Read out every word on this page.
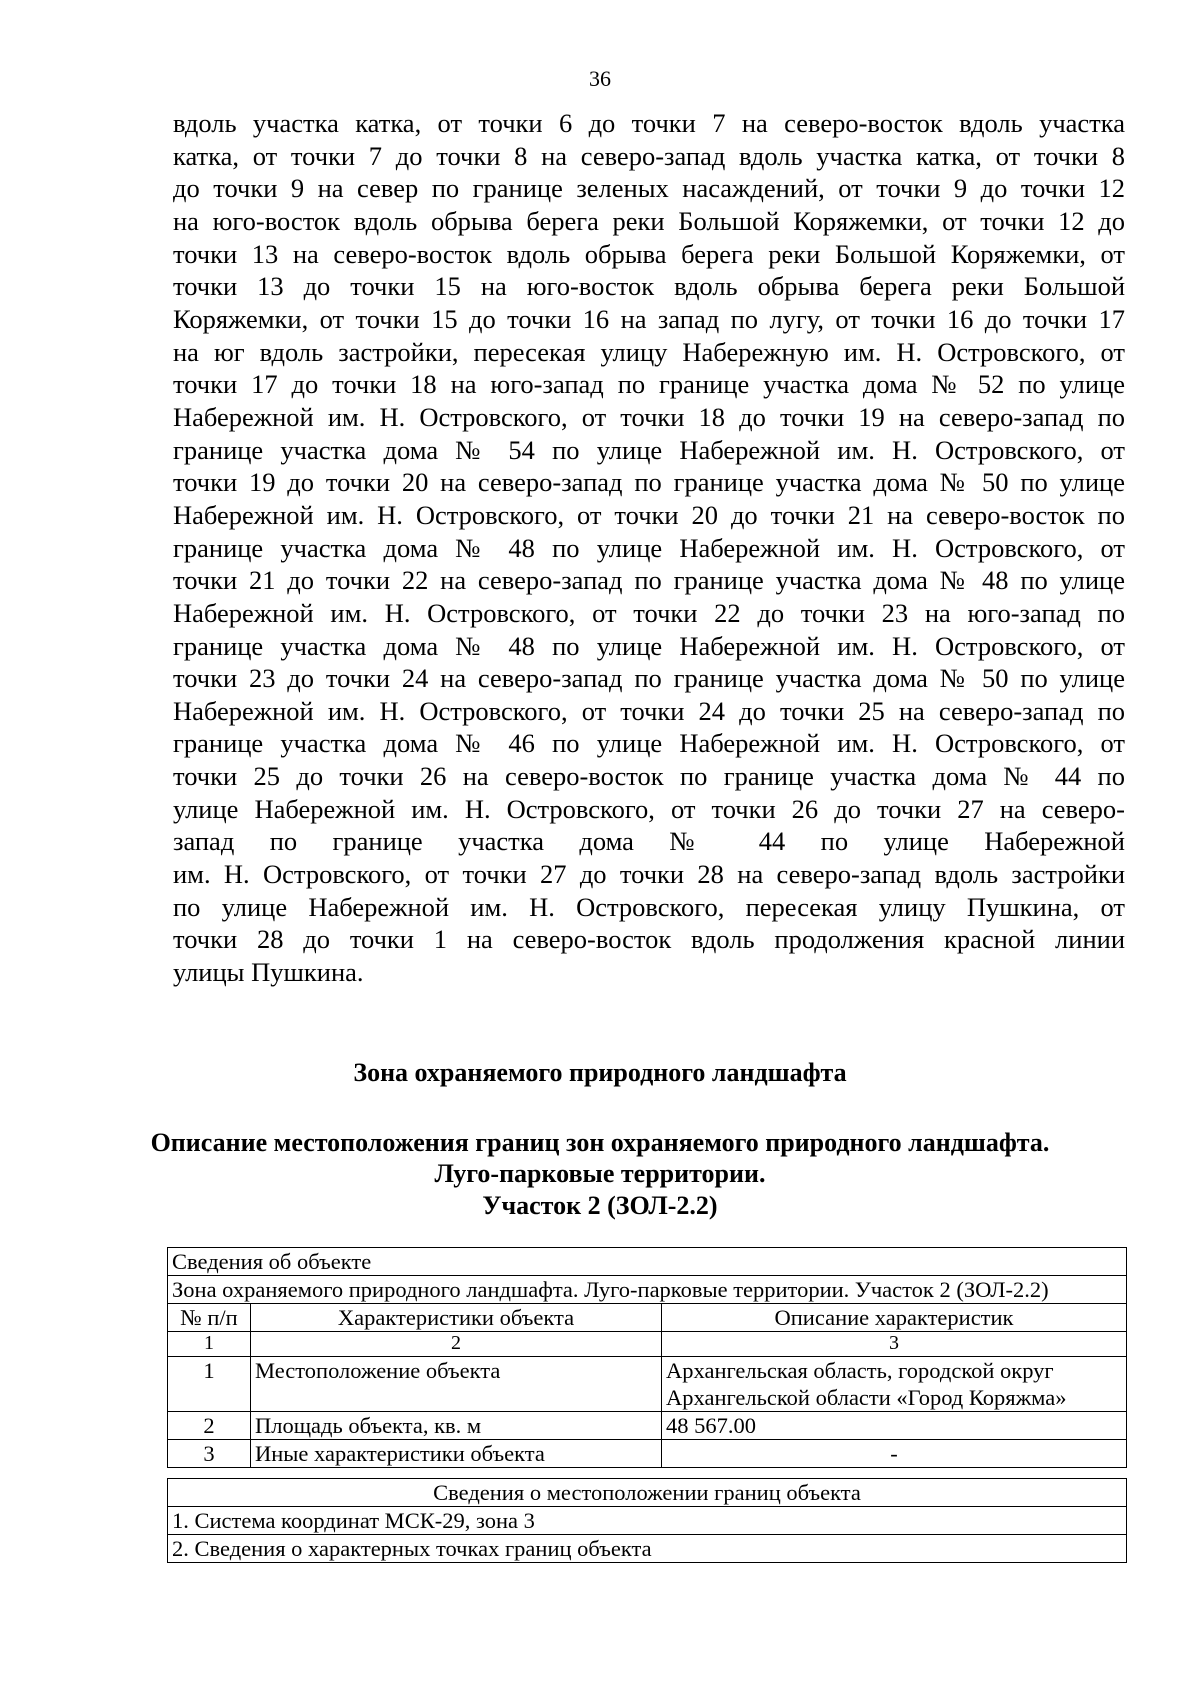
36
вдоль участка катка, от точки 6 до точки 7 на северо-восток вдоль участка
катка, от точки 7 до точки 8 на северо-запад вдоль участка катка, от точки 8
до точки 9 на север по границе зеленых насаждений, от точки 9 до точки 12
на юго-восток вдоль обрыва берега реки Большой Коряжемки, от точки 12 до
точки 13 на северо-восток вдоль обрыва берега реки Большой Коряжемки, от
точки 13 до точки 15 на юго-восток вдоль обрыва берега реки Большой
Коряжемки, от точки 15 до точки 16 на запад по лугу, от точки 16 до точки 17
на юг вдоль застройки, пересекая улицу Набережную им. Н. Островского, от
точки 17 до точки 18 на юго-запад по границе участка дома № 52 по улице
Набережной им. Н. Островского, от точки 18 до точки 19 на северо-запад по
границе участка дома № 54 по улице Набережной им. Н. Островского, от
точки 19 до точки 20 на северо-запад по границе участка дома № 50 по улице
Набережной им. Н. Островского, от точки 20 до точки 21 на северо-восток по
границе участка дома № 48 по улице Набережной им. Н. Островского, от
точки 21 до точки 22 на северо-запад по границе участка дома № 48 по улице
Набережной им. Н. Островского, от точки 22 до точки 23 на юго-запад по
границе участка дома № 48 по улице Набережной им. Н. Островского, от
точки 23 до точки 24 на северо-запад по границе участка дома № 50 по улице
Набережной им. Н. Островского, от точки 24 до точки 25 на северо-запад по
границе участка дома № 46 по улице Набережной им. Н. Островского, от
точки 25 до точки 26 на северо-восток по границе участка дома № 44 по
улице Набережной им. Н. Островского, от точки 26 до точки 27 на северо-
запад по границе участка дома № 44 по улице Набережной
им. Н. Островского, от точки 27 до точки 28 на северо-запад вдоль застройки
по улице Набережной им. Н. Островского, пересекая улицу Пушкина, от
точки 28 до точки 1 на северо-восток вдоль продолжения красной линии
улицы Пушкина.
Зона охраняемого природного ландшафта
Описание местоположения границ зон охраняемого природного ландшафта.
Луго-парковые территории.
Участок 2 (ЗОЛ-2.2)
Сведения об объекте		
Зона охраняемого природного ландшафта. Луго-парковые территории. Участок 2 (ЗОЛ-2.2)		
№ п/п	Характеристики объекта	Описание характеристик
1	2	3
1	Местоположение объекта	Архангельская область, городской округ
Архангельской области «Город Коряжма»
2	Площадь объекта, кв. м	48 567.00
3	Иные характеристики объекта	-
Сведения о местоположении границ объекта
1. Система координат МСК-29, зона 3
2. Сведения о характерных точках границ объекта
